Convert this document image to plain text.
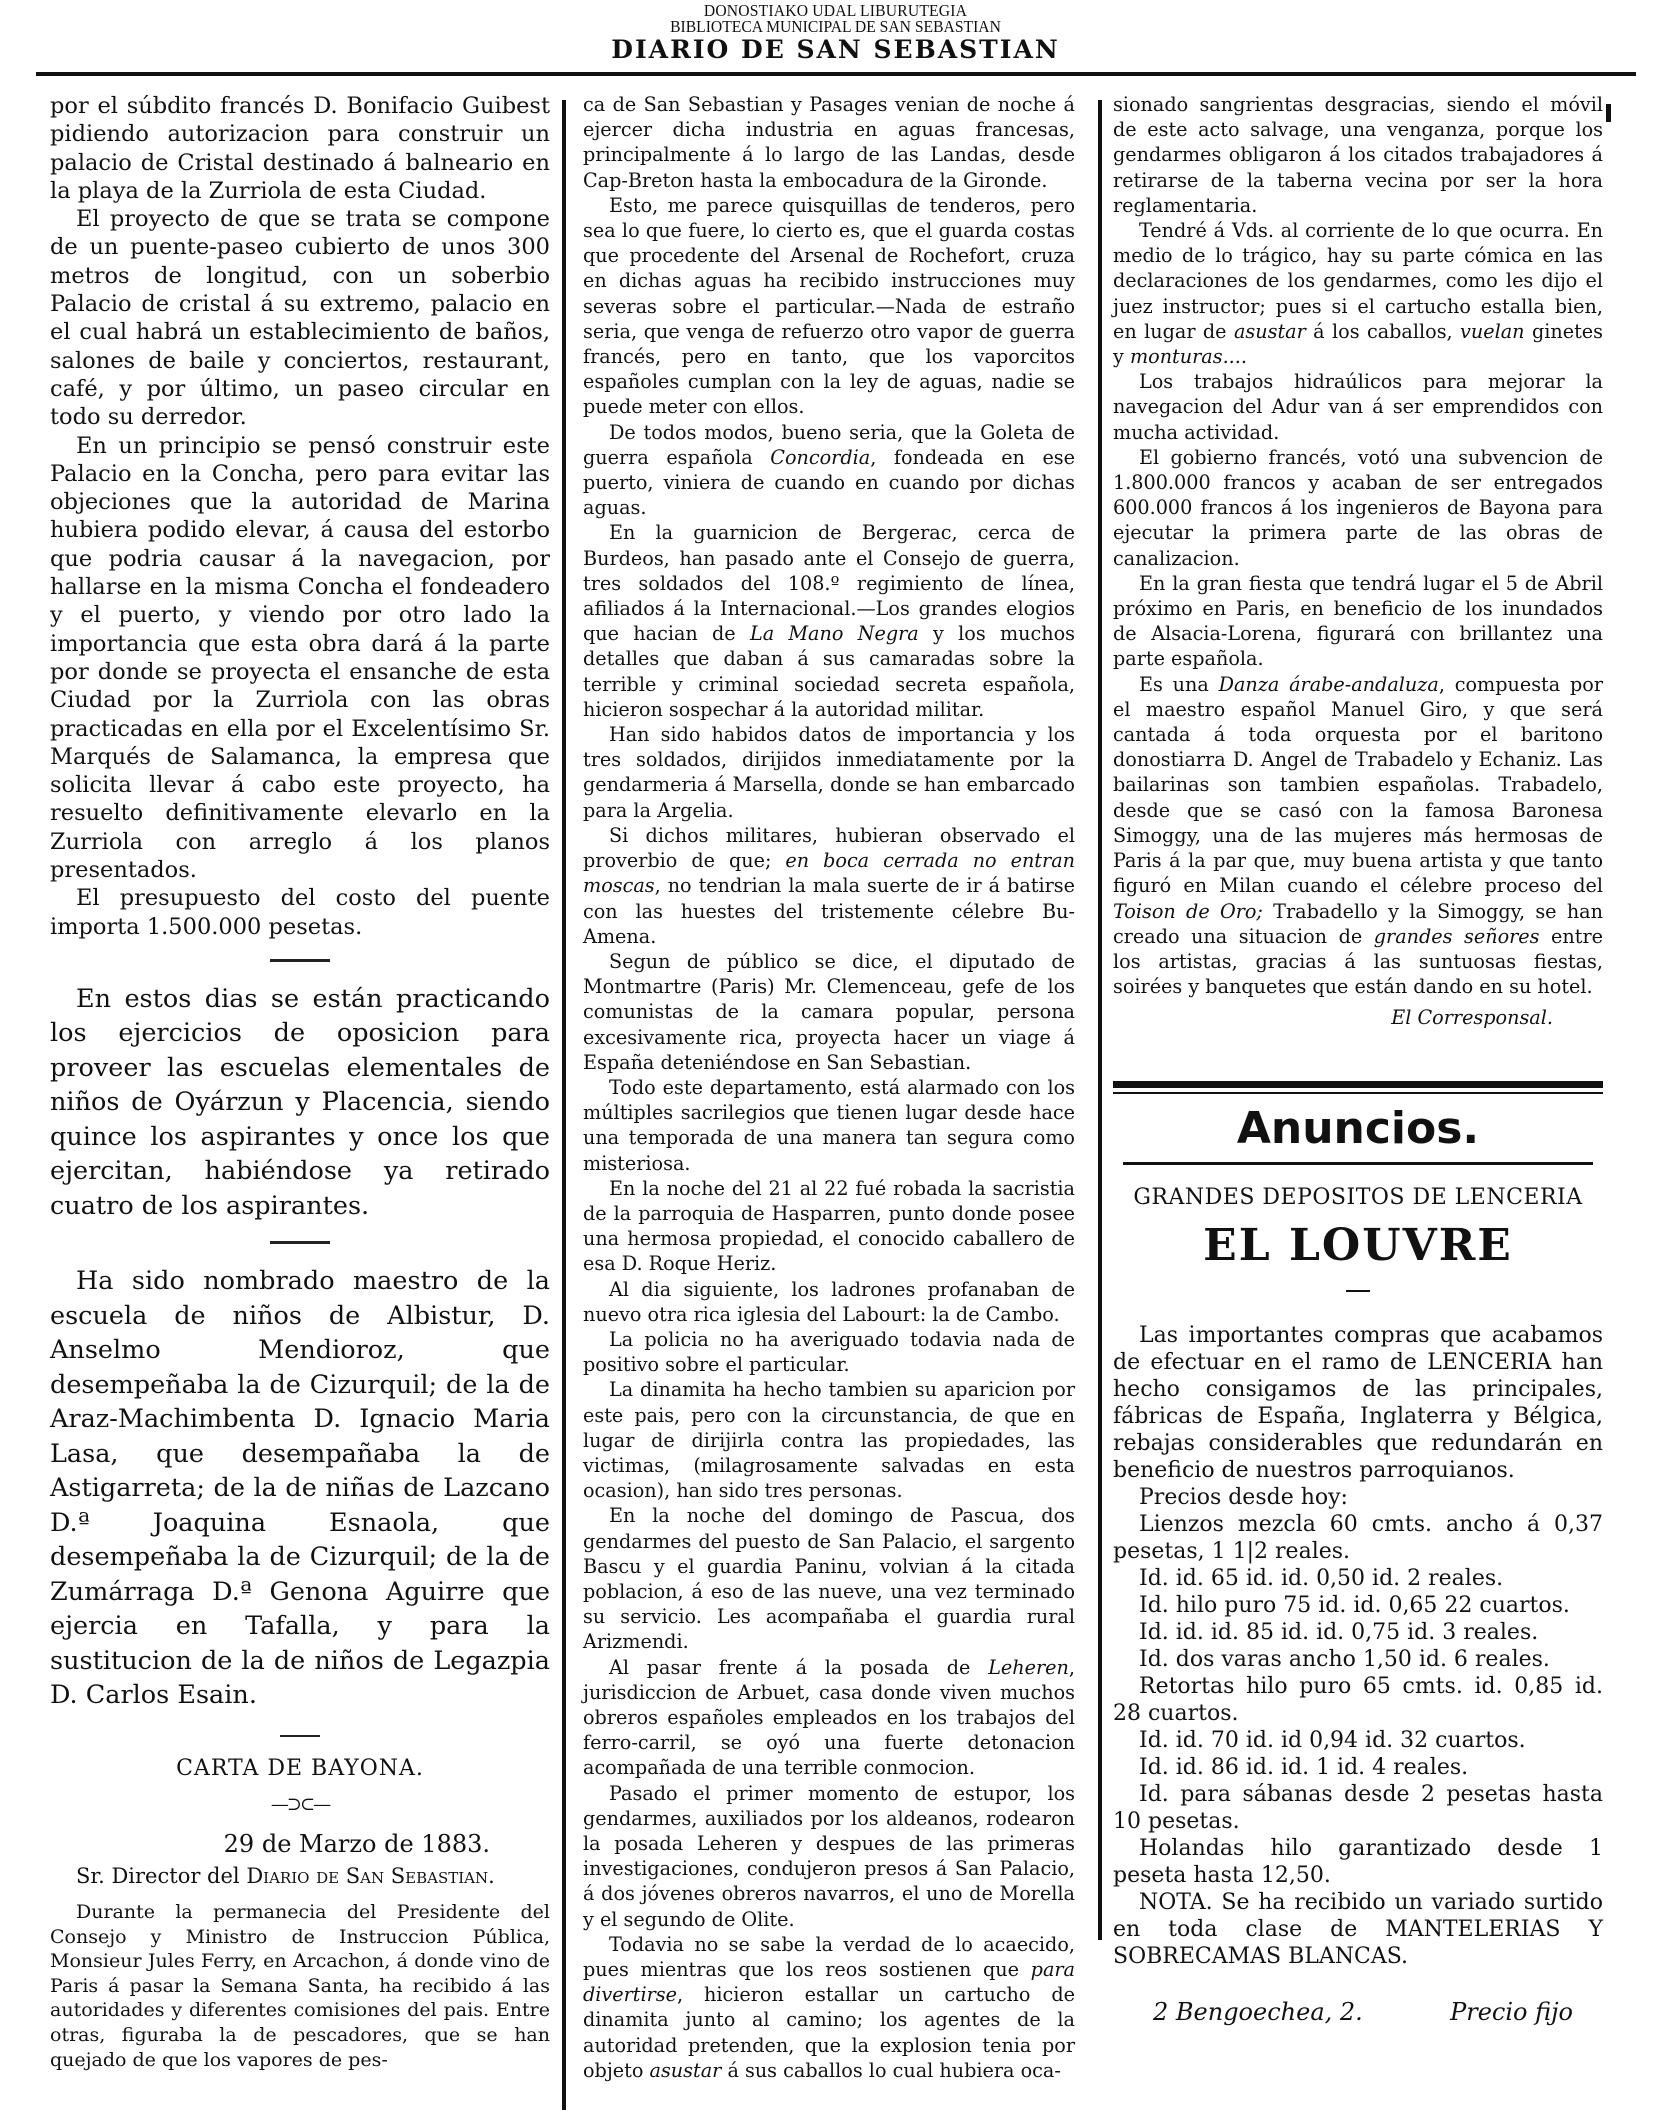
DONOSTIAKO UDAL LIBURUTEGIA
BIBLIOTECA MUNICIPAL DE SAN SEBASTIAN
DIARIO DE SAN SEBASTIAN

por el súbdito francés D. Bonifacio Guibest pidiendo autorizacion para construir un palacio de Cristal destinado á balneario en la playa de la Zurriola de esta Ciudad.

El proyecto de que se trata se compone de un puente-paseo cubierto de unos 300 metros de longitud, con un soberbio Palacio de cristal á su extremo, palacio en el cual habrá un establecimiento de baños, salones de baile y conciertos, restaurant, café, y por último, un paseo circular en todo su derredor.

En un principio se pensó construir este Palacio en la Concha, pero para evitar las objeciones que la autoridad de Marina hubiera podido elevar, á causa del estorbo que podria causar á la navegacion, por hallarse en la misma Concha el fondeadero y el puerto, y viendo por otro lado la importancia que esta obra dará á la parte por donde se proyecta el ensanche de esta Ciudad por la Zurriola con las obras practicadas en ella por el Excelentísimo Sr. Marqués de Salamanca, la empresa que solicita llevar á cabo este proyecto, ha resuelto definitivamente elevarlo en la Zurriola con arreglo á los planos presentados.

El presupuesto del costo del puente importa 1.500.000 pesetas.

En estos dias se están practicando los ejercicios de oposicion para proveer las escuelas elementales de niños de Oyárzun y Placencia, siendo quince los aspirantes y once los que ejercitan, habiéndose ya retirado cuatro de los aspirantes.

Ha sido nombrado maestro de la escuela de niños de Albistur, D. Anselmo Mendioroz, que desempeñaba la de Cizurquil; de la de Araz-Machimbenta D. Ignacio Maria Lasa, que desempañaba la de Astigarreta; de la de niñas de Lazcano D.ª Joaquina Esnaola, que desempeñaba la de Cizurquil; de la de Zumárraga D.ª Genona Aguirre que ejercia en Tafalla, y para la sustitucion de la de niños de Legazpia D. Carlos Esain.

CARTA DE BAYONA.
—⊃⊂—
29 de Marzo de 1883.

Sr. Director del Diario de San Sebastian.

Durante la permanecia del Presidente del Consejo y Ministro de Instruccion Pública, Monsieur Jules Ferry, en Arcachon, á donde vino de Paris á pasar la Semana Santa, ha recibido á las autoridades y diferentes comisiones del pais. Entre otras, figuraba la de pescadores, que se han quejado de que los vapores de pes-

ca de San Sebastian y Pasages venian de noche á ejercer dicha industria en aguas francesas, principalmente á lo largo de las Landas, desde Cap-Breton hasta la embocadura de la Gironde.

Esto, me parece quisquillas de tenderos, pero sea lo que fuere, lo cierto es, que el guarda costas que procedente del Arsenal de Rochefort, cruza en dichas aguas ha recibido instrucciones muy severas sobre el particular.—Nada de estraño seria, que venga de refuerzo otro vapor de guerra francés, pero en tanto, que los vaporcitos españoles cumplan con la ley de aguas, nadie se puede meter con ellos.

De todos modos, bueno seria, que la Goleta de guerra española Concordia, fondeada en ese puerto, viniera de cuando en cuando por dichas aguas.

En la guarnicion de Bergerac, cerca de Burdeos, han pasado ante el Consejo de guerra, tres soldados del 108.º regimiento de línea, afiliados á la Internacional.—Los grandes elogios que hacian de La Mano Negra y los muchos detalles que daban á sus camaradas sobre la terrible y criminal sociedad secreta española, hicieron sospechar á la autoridad militar.

Han sido habidos datos de importancia y los tres soldados, dirijidos inmediatamente por la gendarmeria á Marsella, donde se han embarcado para la Argelia.

Si dichos militares, hubieran observado el proverbio de que; en boca cerrada no entran moscas, no tendrian la mala suerte de ir á batirse con las huestes del tristemente célebre Bu-Amena.

Segun de público se dice, el diputado de Montmartre (Paris) Mr. Clemenceau, gefe de los comunistas de la camara popular, persona excesivamente rica, proyecta hacer un viage á España deteniéndose en San Sebastian.

Todo este departamento, está alarmado con los múltiples sacrilegios que tienen lugar desde hace una temporada de una manera tan segura como misteriosa.

En la noche del 21 al 22 fué robada la sacristia de la parroquia de Hasparren, punto donde posee una hermosa propiedad, el conocido caballero de esa D. Roque Heriz.

Al dia siguiente, los ladrones profanaban de nuevo otra rica iglesia del Labourt: la de Cambo.

La policia no ha averiguado todavia nada de positivo sobre el particular.

La dinamita ha hecho tambien su aparicion por este pais, pero con la circunstancia, de que en lugar de dirijirla contra las propiedades, las victimas, (milagrosamente salvadas en esta ocasion), han sido tres personas.

En la noche del domingo de Pascua, dos gendarmes del puesto de San Palacio, el sargento Bascu y el guardia Paninu, volvian á la citada poblacion, á eso de las nueve, una vez terminado su servicio. Les acompañaba el guardia rural Arizmendi.

Al pasar frente á la posada de Leheren, jurisdiccion de Arbuet, casa donde viven muchos obreros españoles empleados en los trabajos del ferro-carril, se oyó una fuerte detonacion acompañada de una terrible conmocion.

Pasado el primer momento de estupor, los gendarmes, auxiliados por los aldeanos, rodearon la posada Leheren y despues de las primeras investigaciones, condujeron presos á San Palacio, á dos jóvenes obreros navarros, el uno de Morella y el segundo de Olite.

Todavia no se sabe la verdad de lo acaecido, pues mientras que los reos sostienen que para divertirse, hicieron estallar un cartucho de dinamita junto al camino; los agentes de la autoridad pretenden, que la explosion tenia por objeto asustar á sus caballos lo cual hubiera oca-

sionado sangrientas desgracias, siendo el móvil de este acto salvage, una venganza, porque los gendarmes obligaron á los citados trabajadores á retirarse de la taberna vecina por ser la hora reglamentaria.

Tendré á Vds. al corriente de lo que ocurra. En medio de lo trágico, hay su parte cómica en las declaraciones de los gendarmes, como les dijo el juez instructor; pues si el cartucho estalla bien, en lugar de asustar á los caballos, vuelan ginetes y monturas....

Los trabajos hidraúlicos para mejorar la navegacion del Adur van á ser emprendidos con mucha actividad.

El gobierno francés, votó una subvencion de 1.800.000 francos y acaban de ser entregados 600.000 francos á los ingenieros de Bayona para ejecutar la primera parte de las obras de canalizacion.

En la gran fiesta que tendrá lugar el 5 de Abril próximo en Paris, en beneficio de los inundados de Alsacia-Lorena, figurará con brillantez una parte española.

Es una Danza árabe-andaluza, compuesta por el maestro español Manuel Giro, y que será cantada á toda orquesta por el baritono donostiarra D. Angel de Trabadelo y Echaniz. Las bailarinas son tambien españolas. Trabadelo, desde que se casó con la famosa Baronesa Simoggy, una de las mujeres más hermosas de Paris á la par que, muy buena artista y que tanto figuró en Milan cuando el célebre proceso del Toison de Oro; Trabadello y la Simoggy, se han creado una situacion de grandes señores entre los artistas, gracias á las suntuosas fiestas, soirées y banquetes que están dando en su hotel.

El Corresponsal.
Anuncios.
GRANDES DEPOSITOS DE LENCERIA
EL LOUVRE

Las importantes compras que acabamos de efectuar en el ramo de LENCERIA han hecho consigamos de las principales, fábricas de España, Inglaterra y Bélgica, rebajas considerables que redundarán en beneficio de nuestros parroquianos.

Precios desde hoy:

Lienzos mezcla 60 cmts. ancho á 0,37 pesetas, 1 1|2 reales.
Id. id. 65 id. id. 0,50 id. 2 reales.
Id. hilo puro 75 id. id. 0,65 22 cuartos.
Id. id. id. 85 id. id. 0,75 id. 3 reales.
Id. dos varas ancho 1,50 id. 6 reales.
Retortas hilo puro 65 cmts. id. 0,85 id. 28 cuartos.
Id. id. 70 id. id 0,94 id. 32 cuartos.
Id. id. 86 id. id. 1 id. 4 reales.
Id. para sábanas desde 2 pesetas hasta 10 pesetas.
Holandas hilo garantizado desde 1 peseta hasta 12,50.

NOTA. Se ha recibido un variado surtido en toda clase de MANTELERIAS Y SOBRECAMAS BLANCAS.

2 Bengoechea, 2.	Precio fijo
